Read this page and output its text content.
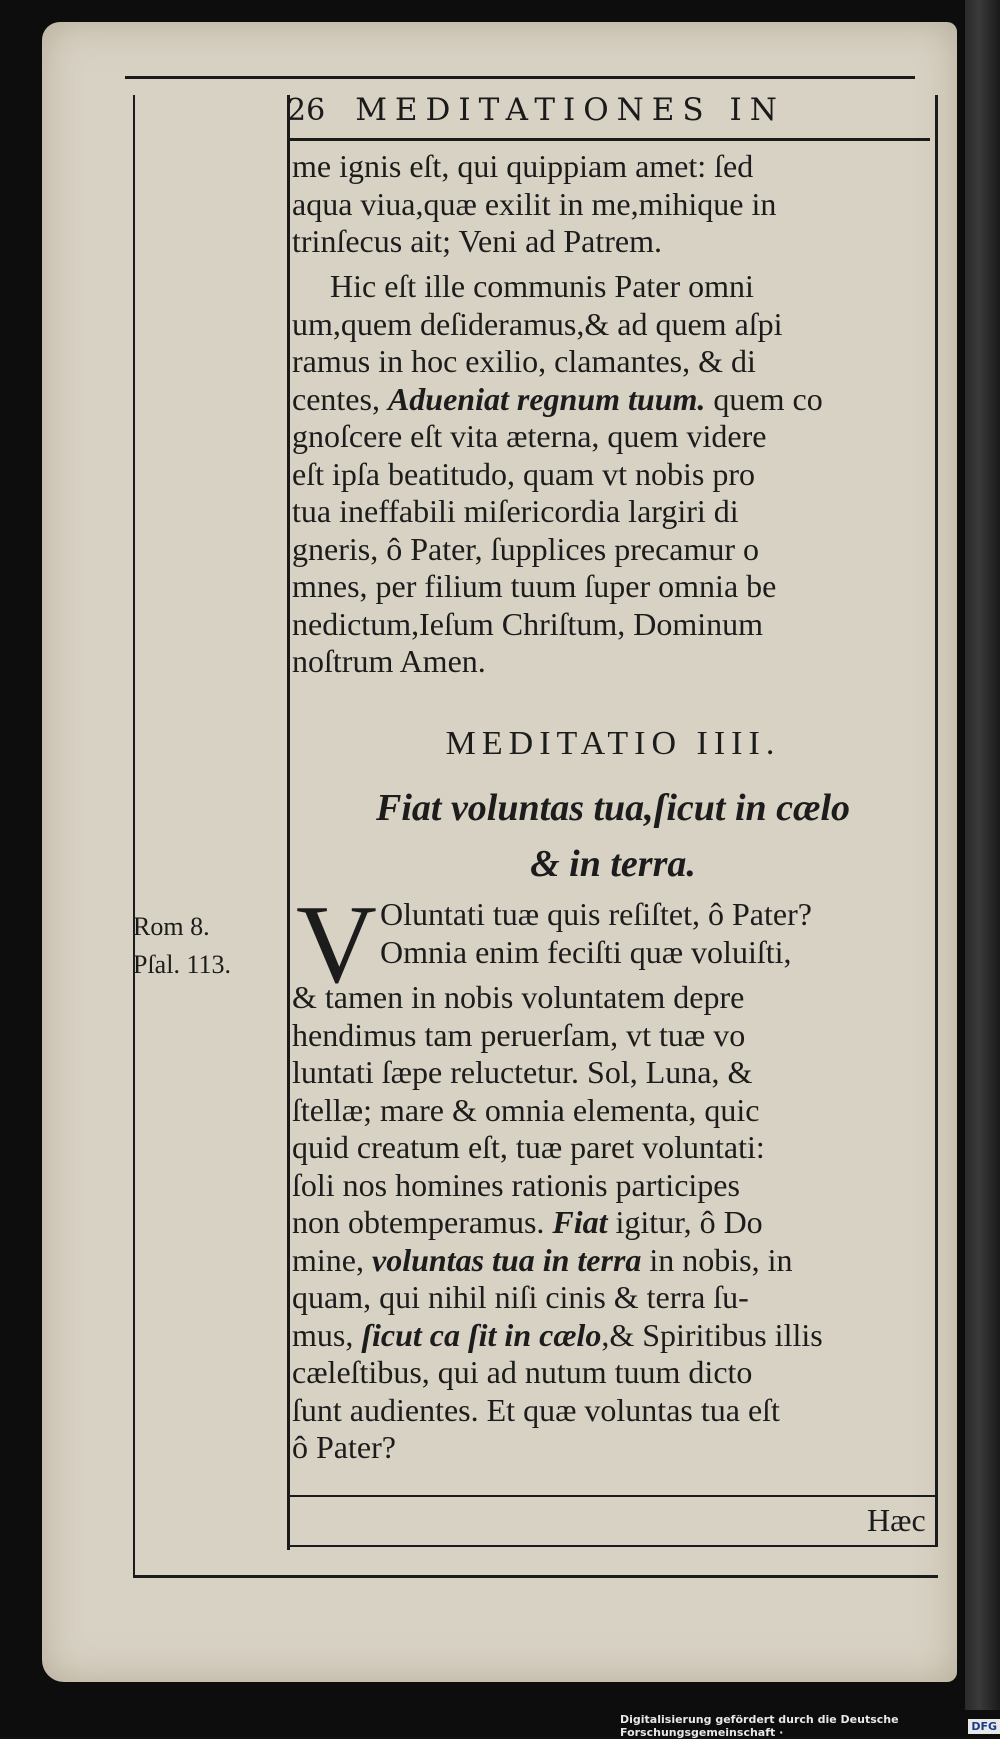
26 MEDITATIONES IN
me ignis eſt, qui quippiam amet: ſed
aqua viua,quæ exilit in me,mihique in
trinſecus ait; Veni ad Patrem.
Hic eſt ille communis Pater omni
um,quem deſideramus,& ad quem aſpi
ramus in hoc exilio, clamantes, & di
centes, Adueniat regnum tuum. quem co
gnoſcere eſt vita æterna, quem videre
eſt ipſa beatitudo, quam vt nobis pro
tua ineffabili miſericordia largiri di
gneris, ô Pater, ſupplices precamur o
mnes, per filium tuum ſuper omnia be
nedictum,Ieſum Chriſtum, Dominum
noſtrum Amen.
MEDITATIO IIII.
Fiat voluntas tua,ſicut in cælo
& in terra.
Rom 8.
Pſal. 113. V Oluntati tuæ quis reſiſtet, ô Pater?
Omnia enim feciſti quæ voluiſti,
& tamen in nobis voluntatem depre
hendimus tam peruerſam, vt tuæ vo
luntati ſæpe reluctetur. Sol, Luna, &
ſtellæ; mare & omnia elementa, quic
quid creatum eſt, tuæ paret voluntati:
ſoli nos homines rationis participes
non obtemperamus. Fiat igitur, ô Do
mine, voluntas tua in terra in nobis, in
quam, qui nihil niſi cinis & terra ſu-
mus, ſicut ca ſit in cælo,& Spiritibus illis
cæleſtibus, qui ad nutum tuum dicto
ſunt audientes. Et quæ voluntas tua eſt
ô Pater?
Hæc
Digitalisierung gefördert durch die Deutsche Forschungsgemeinschaft ·	DFG
